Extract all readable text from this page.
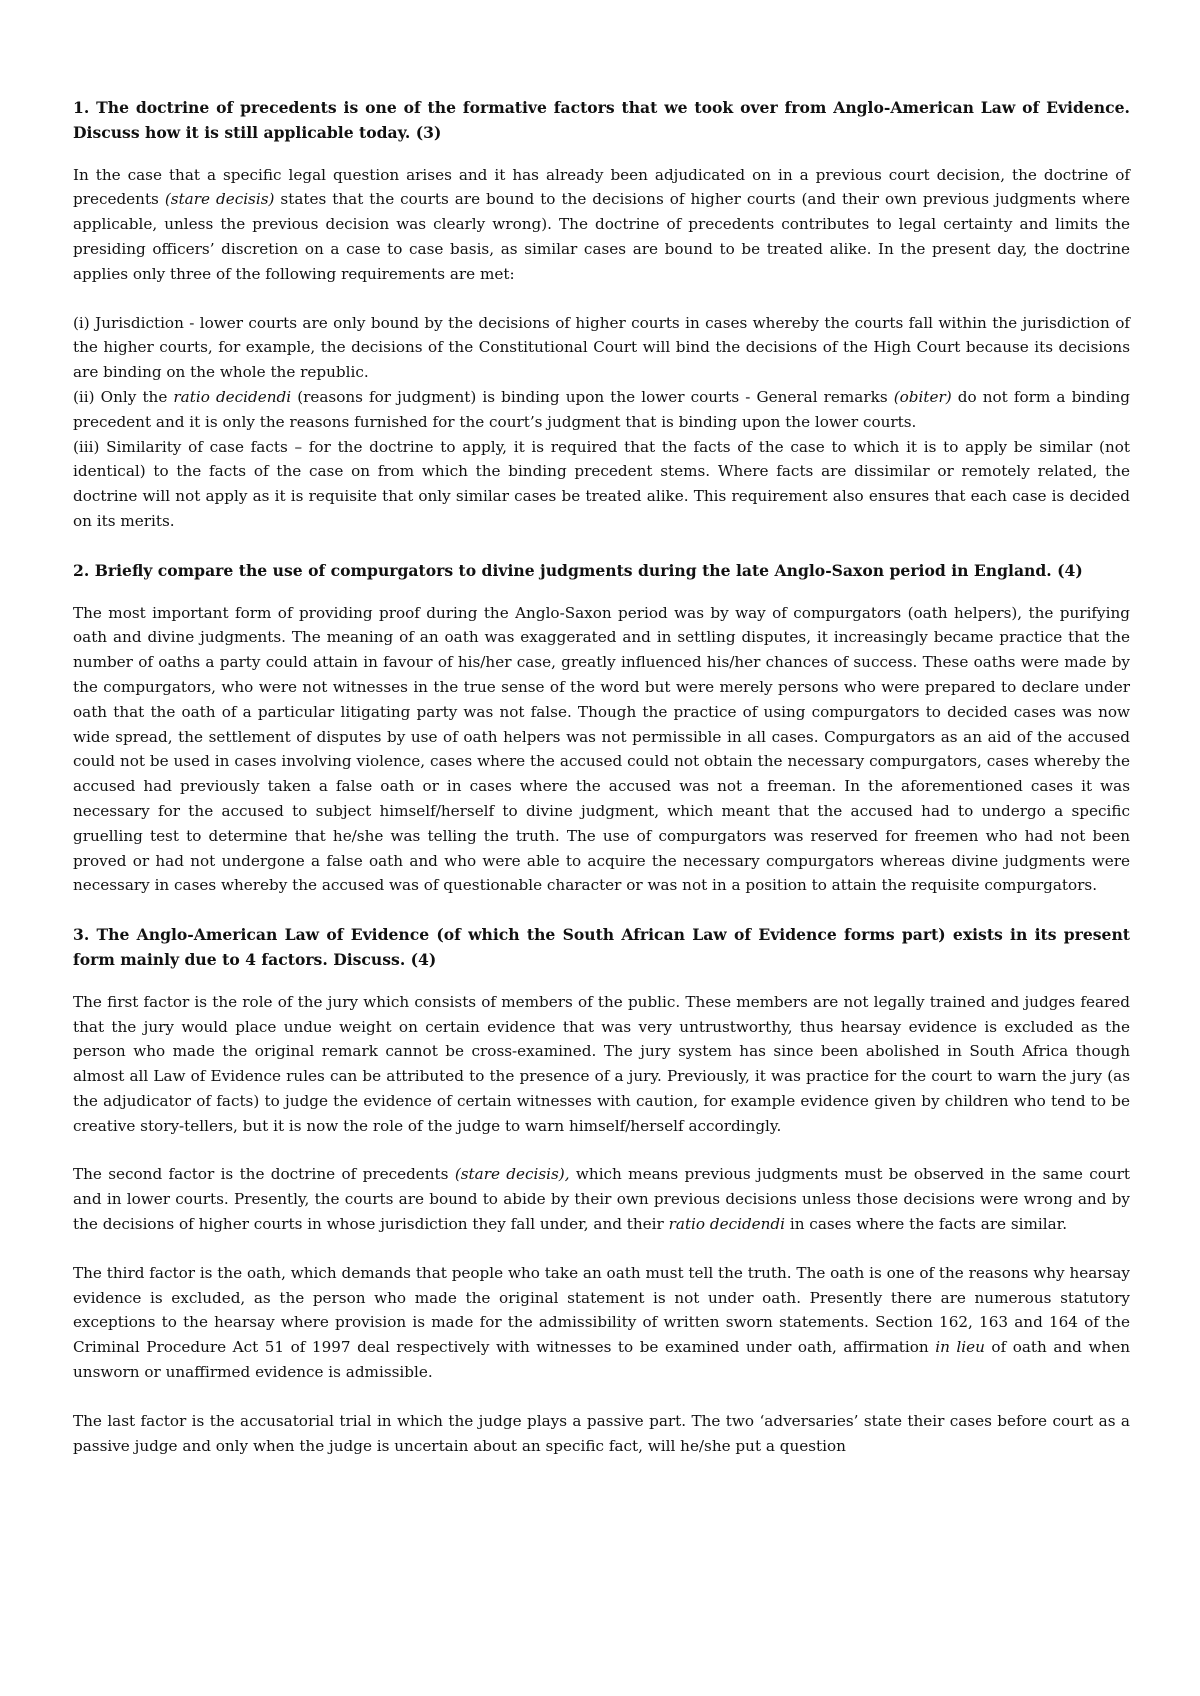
1. The doctrine of precedents is one of the formative factors that we took over from Anglo-American Law of Evidence. Discuss how it is still applicable today. (3)

In the case that a specific legal question arises and it has already been adjudicated on in a previous court decision, the doctrine of precedents (stare decisis) states that the courts are bound to the decisions of higher courts (and their own previous judgments where applicable, unless the previous decision was clearly wrong). The doctrine of precedents contributes to legal certainty and limits the presiding officers’ discretion on a case to case basis, as similar cases are bound to be treated alike. In the present day, the doctrine applies only three of the following requirements are met:

(i) Jurisdiction - lower courts are only bound by the decisions of higher courts in cases whereby the courts fall within the jurisdiction of the higher courts, for example, the decisions of the Constitutional Court will bind the decisions of the High Court because its decisions are binding on the whole the republic.

(ii) Only the ratio decidendi (reasons for judgment) is binding upon the lower courts - General remarks (obiter) do not form a binding precedent and it is only the reasons furnished for the court’s judgment that is binding upon the lower courts.

(iii) Similarity of case facts – for the doctrine to apply, it is required that the facts of the case to which it is to apply be similar (not identical) to the facts of the case on from which the binding precedent stems. Where facts are dissimilar or remotely related, the doctrine will not apply as it is requisite that only similar cases be treated alike. This requirement also ensures that each case is decided on its merits.

2. Briefly compare the use of compurgators to divine judgments during the late Anglo-Saxon period in England. (4)

The most important form of providing proof during the Anglo-Saxon period was by way of compurgators (oath helpers), the purifying oath and divine judgments. The meaning of an oath was exaggerated and in settling disputes, it increasingly became practice that the number of oaths a party could attain in favour of his/her case, greatly influenced his/her chances of success. These oaths were made by the compurgators, who were not witnesses in the true sense of the word but were merely persons who were prepared to declare under oath that the oath of a particular litigating party was not false. Though the practice of using compurgators to decided cases was now wide spread, the settlement of disputes by use of oath helpers was not permissible in all cases. Compurgators as an aid of the accused could not be used in cases involving violence, cases where the accused could not obtain the necessary compurgators, cases whereby the accused had previously taken a false oath or in cases where the accused was not a freeman. In the aforementioned cases it was necessary for the accused to subject himself/herself to divine judgment, which meant that the accused had to undergo a specific gruelling test to determine that he/she was telling the truth. The use of compurgators was reserved for freemen who had not been proved or had not undergone a false oath and who were able to acquire the necessary compurgators whereas divine judgments were necessary in cases whereby the accused was of questionable character or was not in a position to attain the requisite compurgators.

3. The Anglo-American Law of Evidence (of which the South African Law of Evidence forms part) exists in its present form mainly due to 4 factors. Discuss. (4)

The first factor is the role of the jury which consists of members of the public. These members are not legally trained and judges feared that the jury would place undue weight on certain evidence that was very untrustworthy, thus hearsay evidence is excluded as the person who made the original remark cannot be cross-examined. The jury system has since been abolished in South Africa though almost all Law of Evidence rules can be attributed to the presence of a jury. Previously, it was practice for the court to warn the jury (as the adjudicator of facts) to judge the evidence of certain witnesses with caution, for example evidence given by children who tend to be creative story-tellers, but it is now the role of the judge to warn himself/herself accordingly.

The second factor is the doctrine of precedents (stare decisis), which means previous judgments must be observed in the same court and in lower courts. Presently, the courts are bound to abide by their own previous decisions unless those decisions were wrong and by the decisions of higher courts in whose jurisdiction they fall under, and their ratio decidendi in cases where the facts are similar.

The third factor is the oath, which demands that people who take an oath must tell the truth. The oath is one of the reasons why hearsay evidence is excluded, as the person who made the original statement is not under oath. Presently there are numerous statutory exceptions to the hearsay where provision is made for the admissibility of written sworn statements. Section 162, 163 and 164 of the Criminal Procedure Act 51 of 1997 deal respectively with witnesses to be examined under oath, affirmation in lieu of oath and when unsworn or unaffirmed evidence is admissible.

The last factor is the accusatorial trial in which the judge plays a passive part. The two ‘adversaries’ state their cases before court as a passive judge and only when the judge is uncertain about an specific fact, will he/she put a question
